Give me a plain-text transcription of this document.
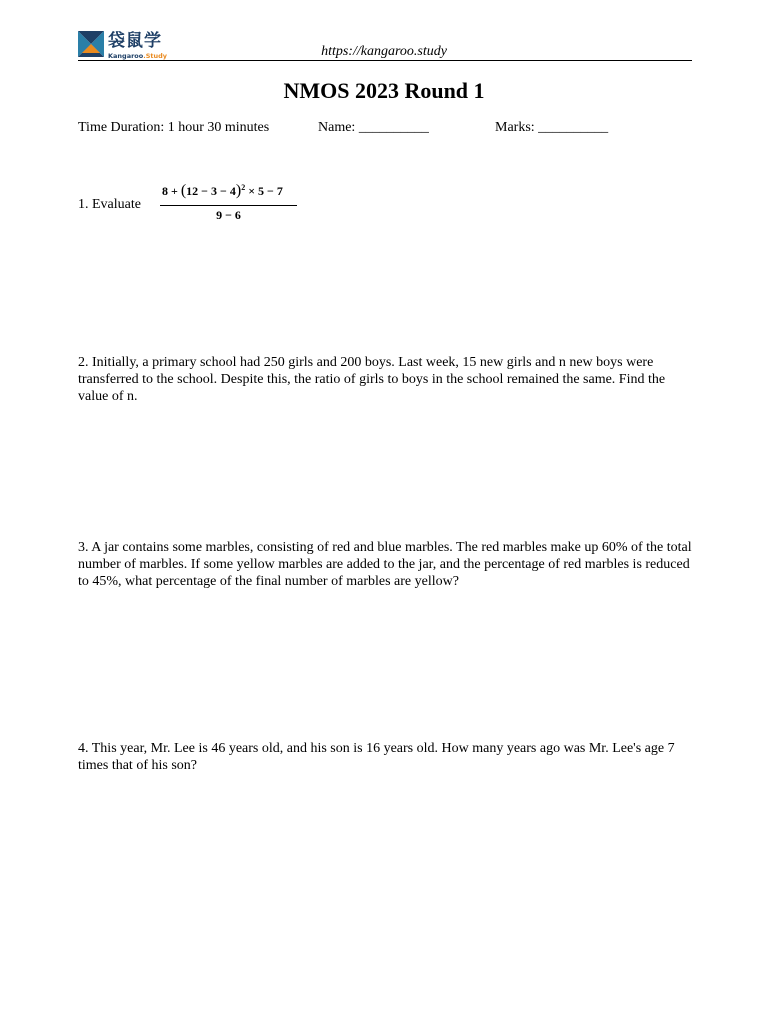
袋鼠学
Kangaroo.Study	https://kangaroo.study
NMOS 2023 Round 1
Time Duration: 1 hour 30 minutes	Name: __________	Marks: __________
1. Evaluate
$8 + (12 - 3 - 4)^2 \times 5 - 7$
9 − 6
2. Initially, a primary school had 250 girls and 200 boys. Last week, 15 new girls and n new boys were transferred to the school. Despite this, the ratio of girls to boys in the school remained the same. Find the value of n.
3. A jar contains some marbles, consisting of red and blue marbles. The red marbles make up 60% of the total number of marbles. If some yellow marbles are added to the jar, and the percentage of red marbles is reduced to 45%, what percentage of the final number of marbles are yellow?
4. This year, Mr. Lee is 46 years old, and his son is 16 years old. How many years ago was Mr. Lee's age 7 times that of his son?
